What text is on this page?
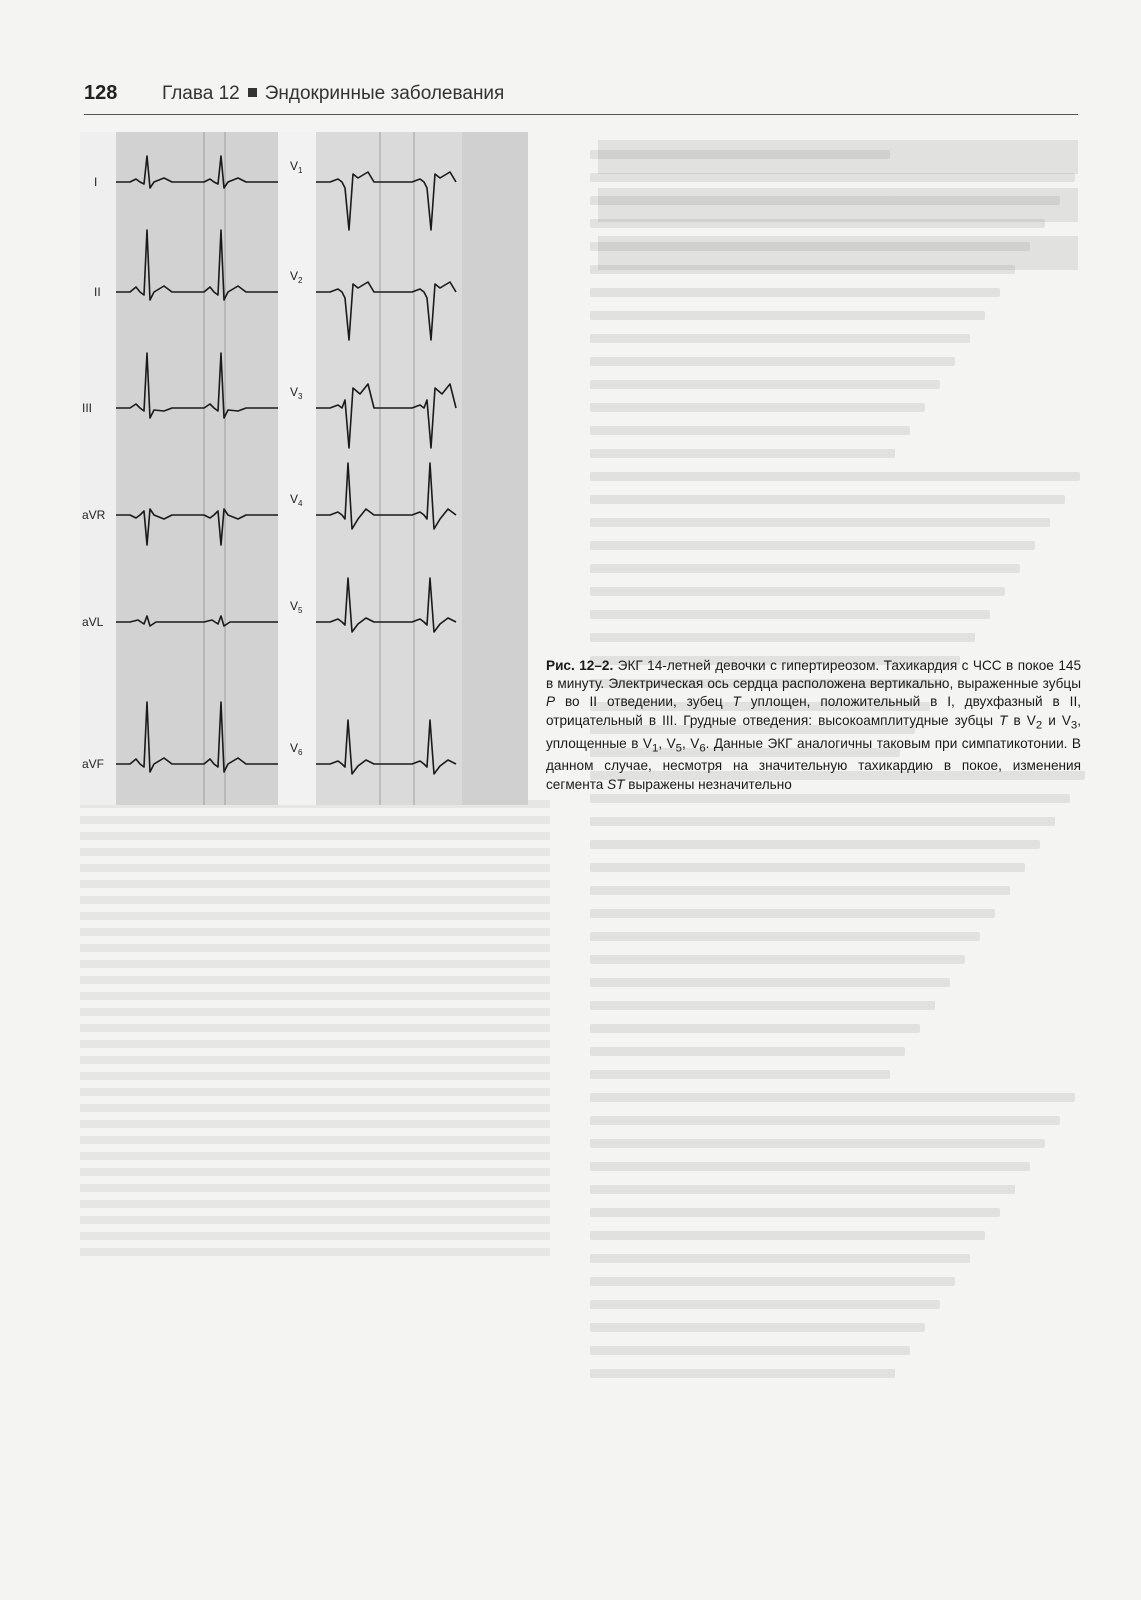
128 Глава 12 Эндокринные заболевания
I
II
III
aVR
aVL
aVF
$V_1$
$V_2$
$V_3$
$V_4$
$V_5$
$V_6$
Рис. 12–2. ЭКГ 14-летней девочки с гипертиреозом. Тахикардия с ЧСС в покое 145 в минуту. Электрическая ось сердца расположена вертикально, выраженные зубцы P во II отведении, зубец T уплощен, положительный в I, двухфазный в II, отрицательный в III. Грудные отведения: высокоамплитудные зубцы T в $V_2$ и $V_3$, уплощенные в $V_1$, $V_5$, $V_6$. Данные ЭКГ аналогичны таковым при симпатикотонии. В данном случае, несмотря на значительную тахикардию в покое, изменения сегмента ST выражены незначительно
